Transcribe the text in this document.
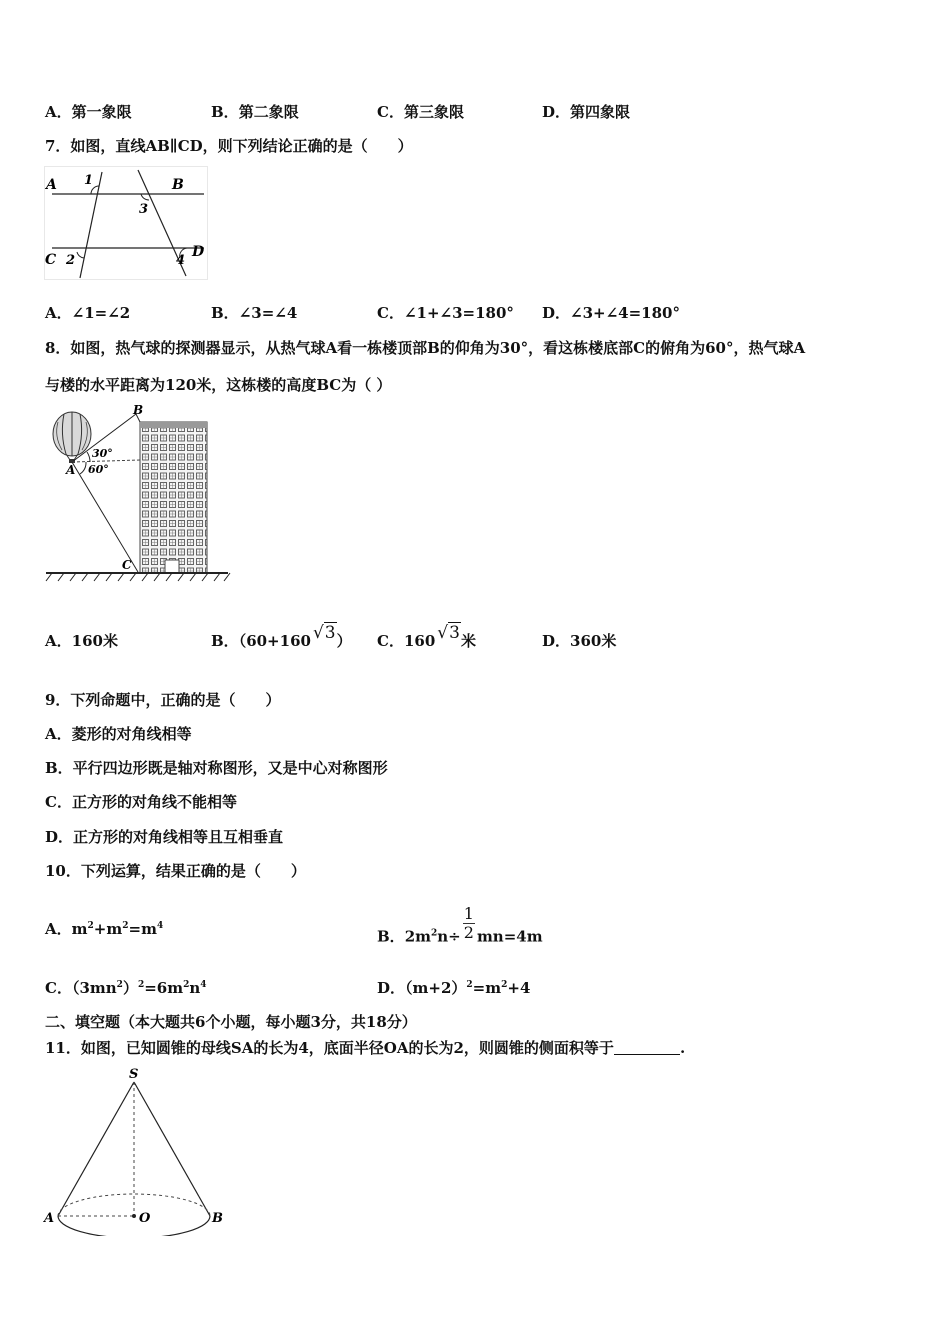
A．第一象限	B．第二象限	C．第三象限	D．第四象限
7．如图，直线AB∥CD，则下列结论正确的是（　　）
A	B
C	D
1
3
2	4
A．∠1=∠2	B．∠3=∠4	C．∠1+∠3=180° D．∠3+∠4=180°
8．如图，热气球的探测器显示，从热气球A看一栋楼顶部B的仰角为30°，看这栋楼底部C的俯角为60°，热气球A
与楼的水平距离为120米，这栋楼的高度BC为（ ）
B
A
C
30°
60°
A．160米	B．（60+160 √3） C．160 √3米	D．360米
9．下列命题中，正确的是（　　）
A．菱形的对角线相等
B．平行四边形既是轴对称图形，又是中心对称图形
C．正方形的对角线不能相等
D．正方形的对角线相等且互相垂直
10．下列运算，结果正确的是（　　）
A．$m^2+m^2=m^4$
B．$2m^2n\div \frac{1}{2} mn=4m$
C．$(3mn^2)^2=6m^2n^4$	D．$(m+2)^2=m^2+4$
二、填空题（本大题共6个小题，每小题3分，共18分）
11．如图，已知圆锥的母线SA的长为4，底面半径OA的长为2，则圆锥的侧面积等于	.
S
A	O	B
